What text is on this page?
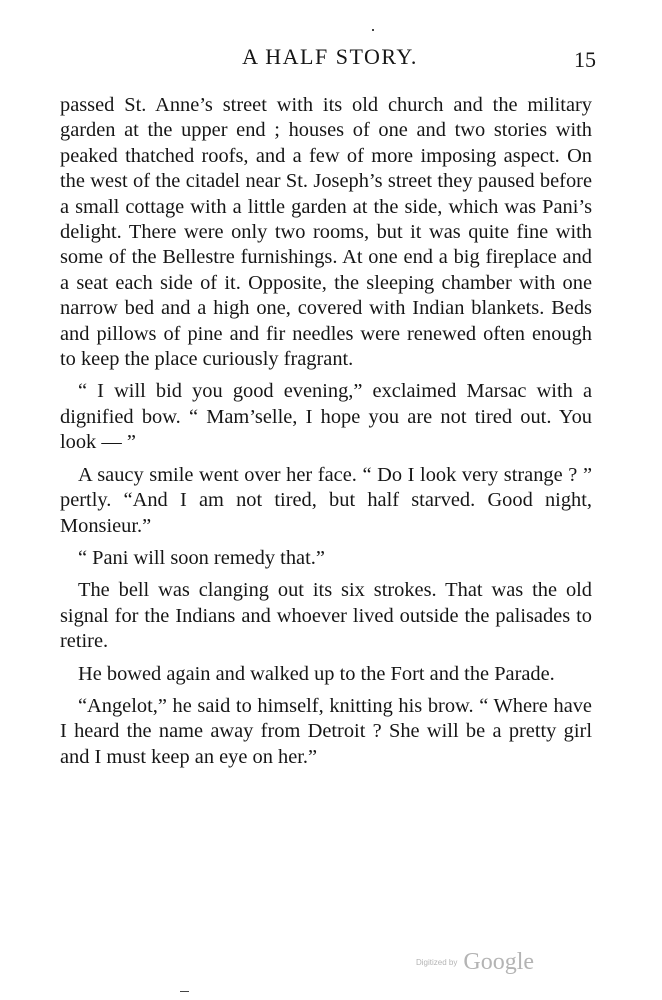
A HALF STORY.	15

passed St. Anne’s street with its old church and the military garden at the upper end ; houses of one and two stories with peaked thatched roofs, and a few of more imposing aspect. On the west of the citadel near St. Joseph’s street they paused before a small cottage with a little garden at the side, which was Pani’s delight. There were only two rooms, but it was quite fine with some of the Bellestre furnishings. At one end a big fireplace and a seat each side of it. Opposite, the sleeping chamber with one narrow bed and a high one, covered with Indian blankets. Beds and pillows of pine and fir needles were renewed often enough to keep the place curiously fragrant.

“ I will bid you good evening,” exclaimed Marsac with a dignified bow. “ Mam’selle, I hope you are not tired out. You look — ”

A saucy smile went over her face. “ Do I look very strange ? ” pertly. “And I am not tired, but half starved. Good night, Monsieur.”

“ Pani will soon remedy that.”

The bell was clanging out its six strokes. That was the old signal for the Indians and whoever lived outside the palisades to retire.

He bowed again and walked up to the Fort and the Parade.

“Angelot,” he said to himself, knitting his brow. “ Where have I heard the name away from Detroit ? She will be a pretty girl and I must keep an eye on her.”

Digitized by Google
